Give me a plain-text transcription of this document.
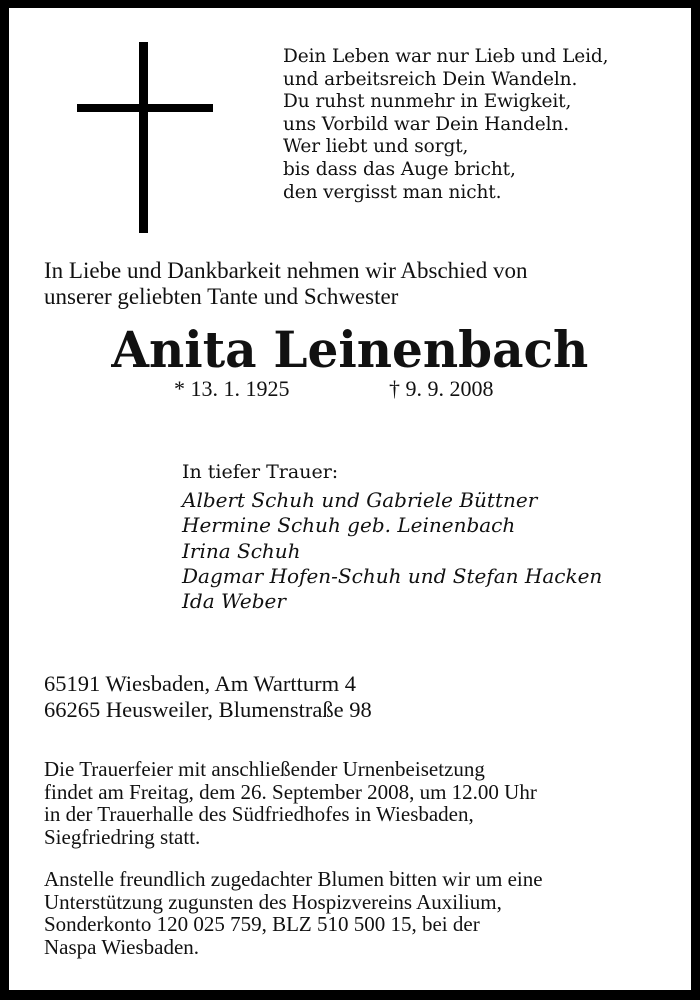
Dein Leben war nur Lieb und Leid,
und arbeitsreich Dein Wandeln.
Du ruhst nunmehr in Ewigkeit,
uns Vorbild war Dein Handeln.
Wer liebt und sorgt,
bis dass das Auge bricht,
den vergisst man nicht.
In Liebe und Dankbarkeit nehmen wir Abschied von
unserer geliebten Tante und Schwester
Anita Leinenbach
* 13. 1. 1925	† 9. 9. 2008
In tiefer Trauer:
Albert Schuh und Gabriele Büttner
Hermine Schuh geb. Leinenbach
Irina Schuh
Dagmar Hofen-Schuh und Stefan Hacken
Ida Weber
65191 Wiesbaden, Am Wartturm 4
66265 Heusweiler, Blumenstraße 98
Die Trauerfeier mit anschließender Urnenbeisetzung
findet am Freitag, dem 26. September 2008, um 12.00 Uhr
in der Trauerhalle des Südfriedhofes in Wiesbaden,
Siegfriedring statt.
Anstelle freundlich zugedachter Blumen bitten wir um eine
Unterstützung zugunsten des Hospizvereins Auxilium,
Sonderkonto 120 025 759, BLZ 510 500 15, bei der
Naspa Wiesbaden.
